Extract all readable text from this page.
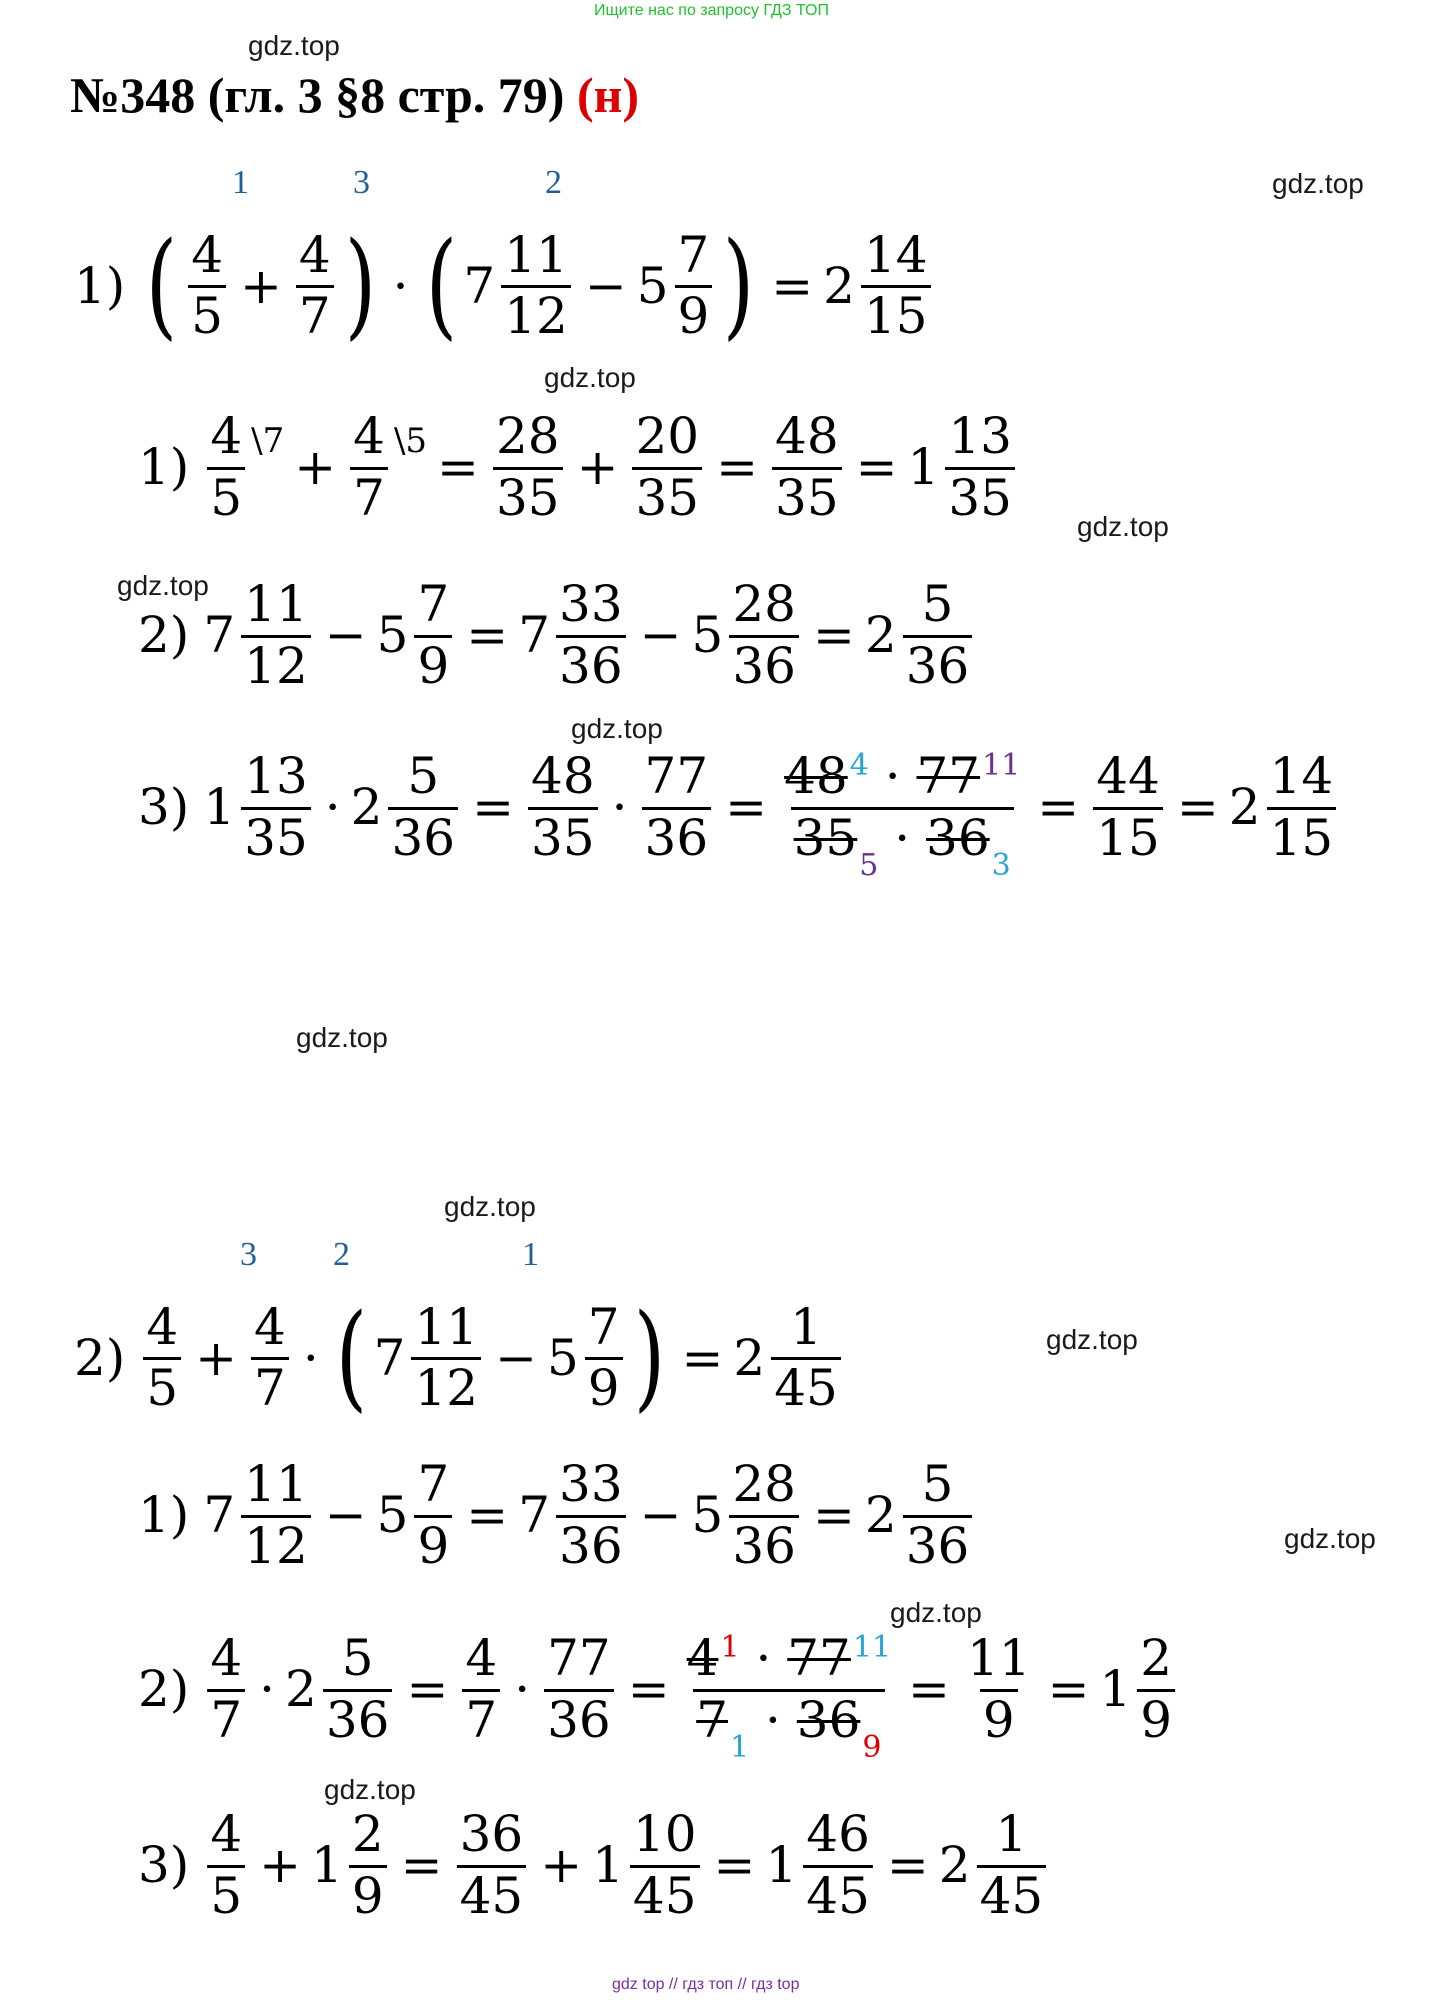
Ищите нас по запросу ГДЗ ТОП
gdz.top
gdz.top
gdz.top
gdz.top
gdz.top
gdz.top
gdz.top
gdz.top
gdz.top
gdz.top
gdz.top
gdz.top
№348 (гл. 3 §8 стр. 79) (н)
1	3	2
1) ( $\frac{4}{5} + \frac{4}{7}$ ) · ( $7 \frac{11}{12} - 5 \frac{7}{9}$ ) = $2 \frac{14}{15}$
$1) \frac{4}{5}$ \7 + $\frac{4}{7}$ \5 = $\frac{28}{35} + \frac{20}{35} = \frac{48}{35} = 1 \frac{13}{35}$
2) $7 \frac{11}{12} - 5 \frac{7}{9} = 7 \frac{33}{36} - 5 \frac{28}{36} = 2 \frac{5}{36}$
3) $1 \frac{13}{35} \cdot 2 \frac{5}{36} = \frac{48}{35} \cdot \frac{77}{36} = \frac{48^4 \cdot 77^{11}}{35_5 \cdot 36_3} = \frac{44}{15} = 2 \frac{14}{15}$
3 2	1
$2) \frac{4}{5} + \frac{4}{7}$ · ( $7 \frac{11}{12} - 5 \frac{7}{9}$ ) = $2 \frac{1}{45}$
1) $7 \frac{11}{12} - 5 \frac{7}{9} = 7 \frac{33}{36} - 5 \frac{28}{36} = 2 \frac{5}{36}$
$2) \frac{4}{7} \cdot 2 \frac{5}{36} = \frac{4}{7} \cdot \frac{77}{36} = \frac{4^1 \cdot 77^{11}}{7_1 \cdot 36_9} = \frac{11}{9} = 1 \frac{2}{9}$
$3) \frac{4}{5} + 1 \frac{2}{9} = \frac{36}{45} + 1 \frac{10}{45} = 1 \frac{46}{45} = 2 \frac{1}{45}$
gdz top // гдз топ // гдз top
